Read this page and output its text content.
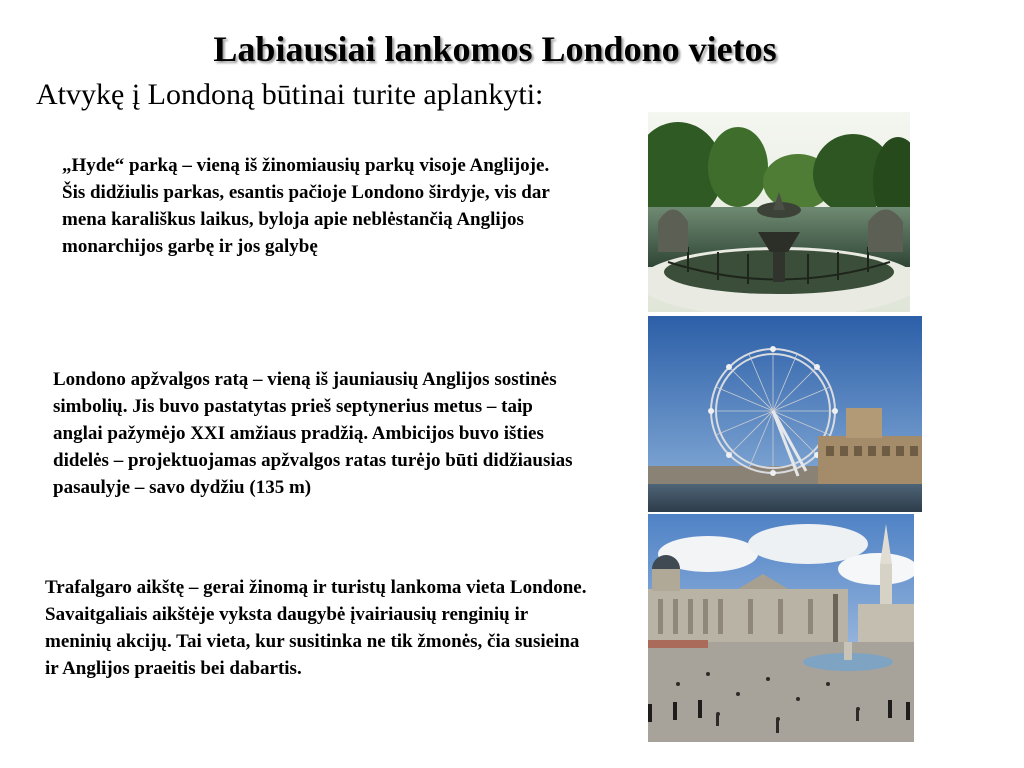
Labiausiai lankomos Londono vietos
Atvykę į Londoną būtinai turite aplankyti:
„Hyde“ parką – vieną iš žinomiausių parkų visoje Anglijoje. Šis didžiulis parkas, esantis pačioje Londono širdyje, vis dar mena karališkus laikus, byloja apie neblėstančią Anglijos monarchijos garbę ir jos galybę
Londono apžvalgos ratą – vieną iš jauniausių Anglijos sostinės simbolių. Jis buvo pastatytas prieš septynerius metus – taip anglai pažymėjo XXI amžiaus pradžią. Ambicijos buvo išties didelės – projektuojamas apžvalgos ratas turėjo būti didžiausias pasaulyje – savo dydžiu (135 m)
Trafalgaro aikštę – gerai žinomą ir turistų lankoma vieta Londone. Savaitgaliais aikštėje vyksta daugybė įvairiausių renginių ir meninių akcijų. Tai vieta, kur susitinka ne tik žmonės, čia susieina ir Anglijos praeitis bei dabartis.
